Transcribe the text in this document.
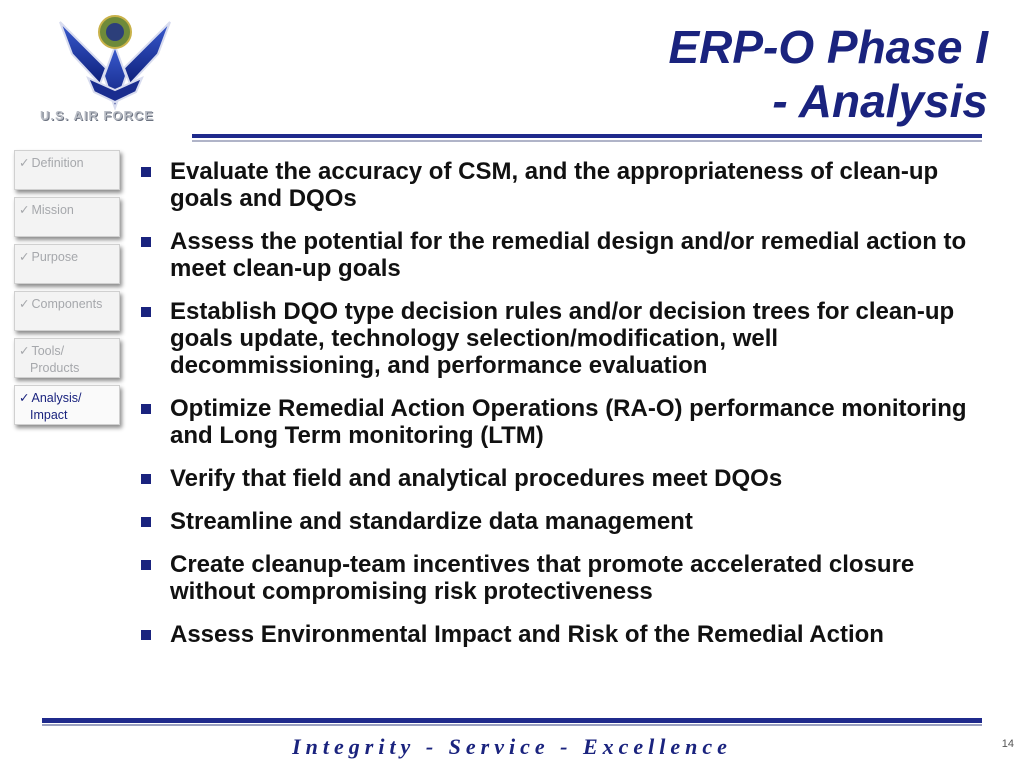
U.S. AIR FORCE
ERP-O Phase I
- Analysis
✓ Definition
✓ Mission
✓ Purpose
✓ Components
✓ Tools/
Products
✓ Analysis/
Impact
Evaluate the accuracy of CSM, and the appropriateness of clean-up goals and DQOs
Assess the potential for the remedial design and/or remedial action to meet clean-up goals
Establish DQO type decision rules and/or decision trees for clean-up goals update, technology selection/modification, well decommissioning, and performance evaluation
Optimize Remedial Action Operations (RA-O) performance monitoring and Long Term monitoring (LTM)
Verify that field and analytical procedures meet DQOs
Streamline and standardize data management
Create cleanup-team incentives that promote accelerated closure without compromising risk protectiveness
Assess Environmental Impact and Risk of the Remedial Action
Integrity - Service - Excellence	14
